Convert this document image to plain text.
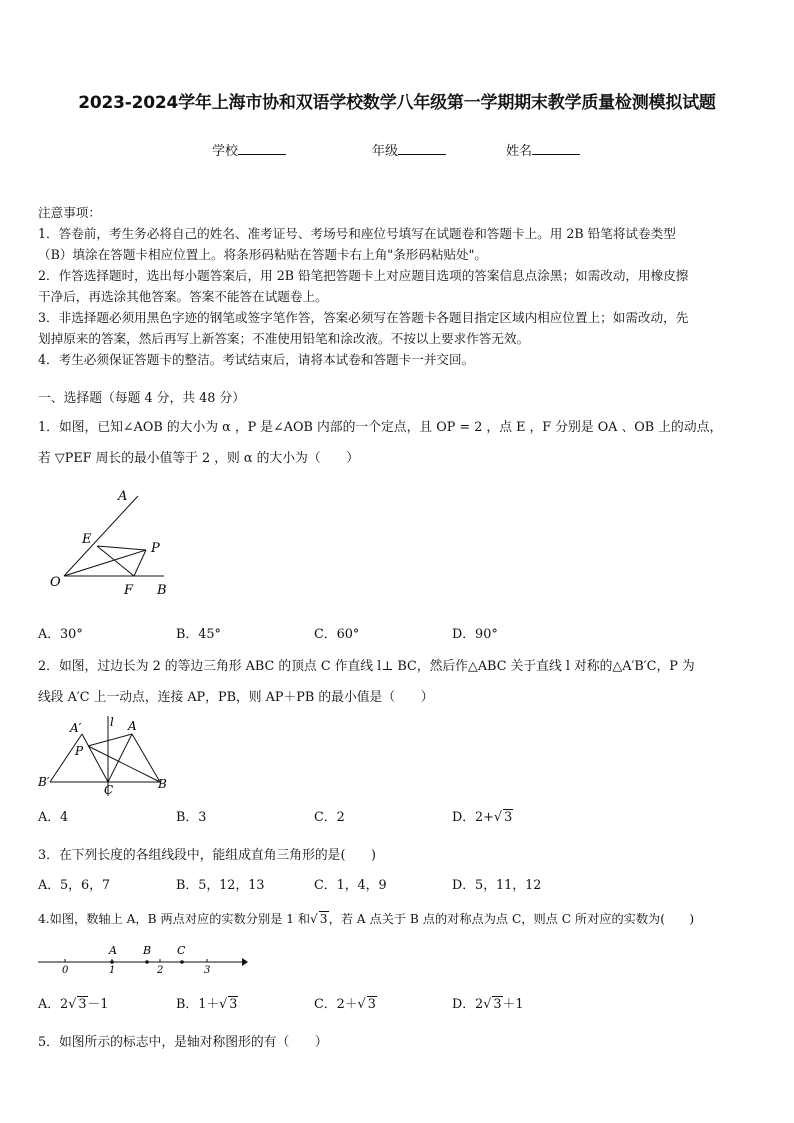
2023-2024学年上海市协和双语学校数学八年级第一学期期末教学质量检测模拟试题
学校	年级	姓名

注意事项：

1．答卷前，考生务必将自己的姓名、准考证号、考场号和座位号填写在试题卷和答题卡上。用 2B 铅笔将试卷类型

（B）填涂在答题卡相应位置上。将条形码粘贴在答题卡右上角"条形码粘贴处"。

2．作答选择题时，选出每小题答案后，用 2B 铅笔把答题卡上对应题目选项的答案信息点涂黑；如需改动，用橡皮擦

干净后，再选涂其他答案。答案不能答在试题卷上。

3．非选择题必须用黑色字迹的钢笔或签字笔作答，答案必须写在答题卡各题目指定区域内相应位置上；如需改动，先

划掉原来的答案，然后再写上新答案；不准使用铅笔和涂改液。不按以上要求作答无效。

4．考生必须保证答题卡的整洁。考试结束后，请将本试卷和答题卡一并交回。

一、选择题（每题 4 分，共 48 分）
1．如图，已知∠AOB 的大小为 α ，P 是∠AOB 内部的一个定点，且 OP = 2 ，点 E ，F 分别是 OA 、OB 上的动点，
若 ▽PEF 周长的最小值等于 2 ，则 α 的大小为（　　）
A
E
P
O
F B
A．30°	B．45°	C．60°	D．90°
2．如图，过边长为 2 的等边三角形 ABC 的顶点 C 作直线 l⊥ BC，然后作△ABC 关于直线 l 对称的△A′B′C，P 为
线段 A′C 上一动点，连接 AP，PB，则 AP＋PB 的最小值是（　　）
A′ l A
P
B′
C	B
A．4	B．3	C．2	D．2+√ 3
3．在下列长度的各组线段中，能组成直角三角形的是(　　)
A．5，6，7	B．5，12，13	C．1，4，9	D．5，11，12
4.如图，数轴上 A，B 两点对应的实数分别是 1 和√ 3，若 A 点关于 B 点的对称点为点 C，则点 C 所对应的实数为(　　)
A B C
0	1	2	3
A．2√ 3－1	B．1＋√ 3	C．2＋√ 3	D．2√ 3＋1
5．如图所示的标志中，是轴对称图形的有（　　）
